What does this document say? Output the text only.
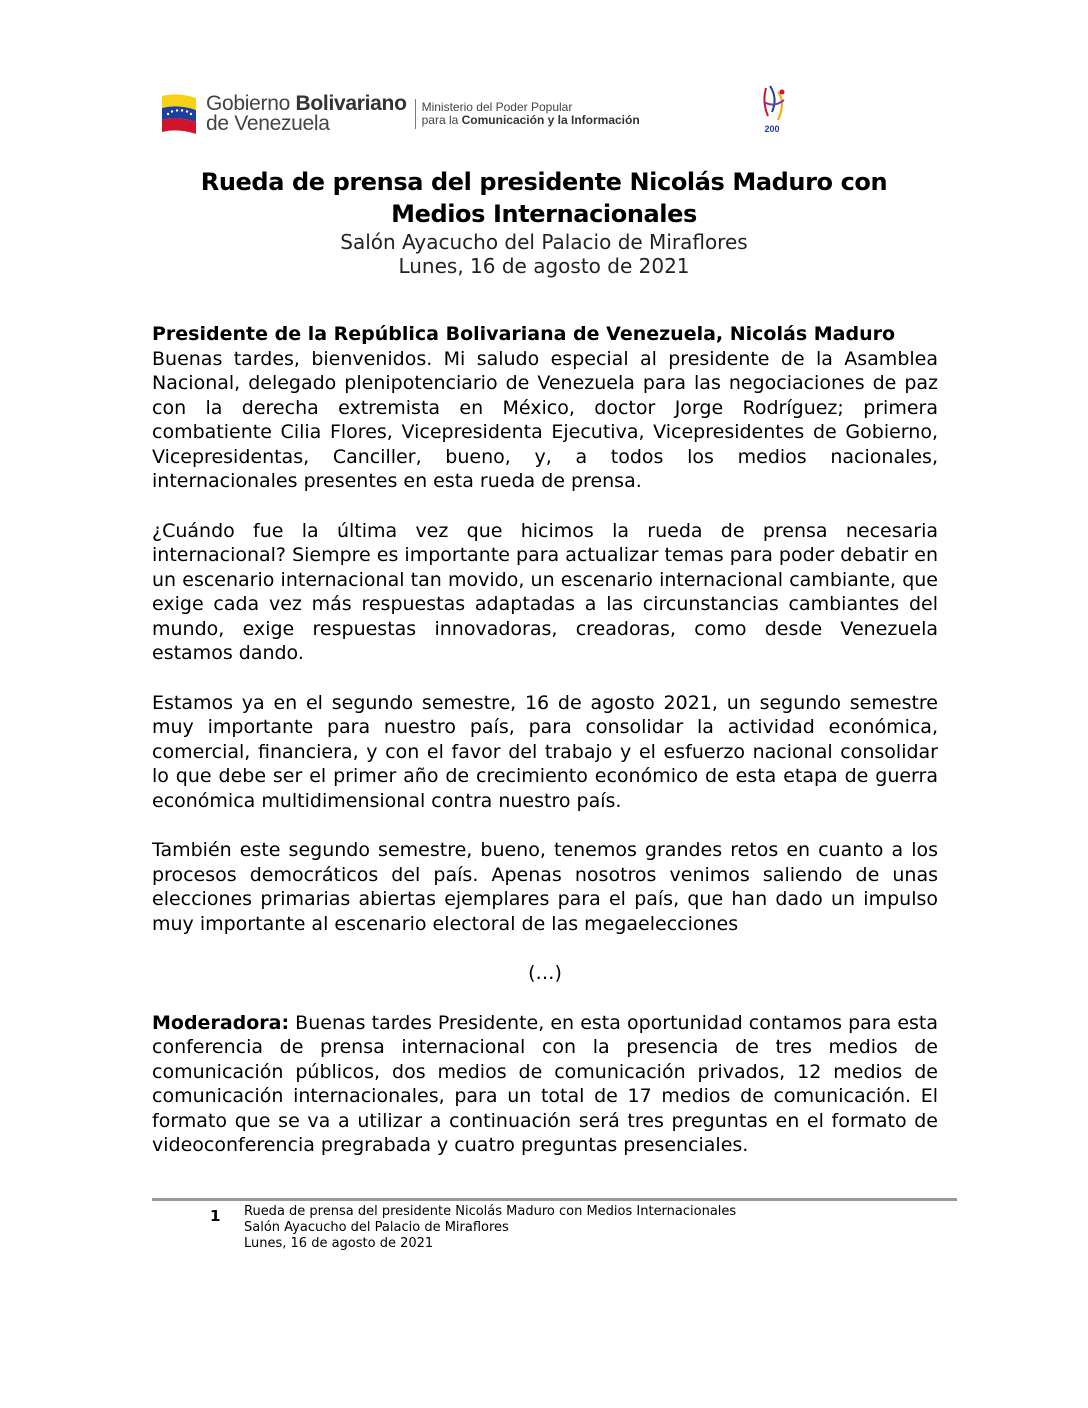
Gobierno Bolivariano
de Venezuela
Ministerio del Poder Popular
para la Comunicación y la Información
200

Rueda de prensa del presidente Nicolás Maduro con

Medios Internacionales

Salón Ayacucho del Palacio de Miraflores

Lunes, 16 de agosto de 2021

Presidente de la República Bolivariana de Venezuela, Nicolás Maduro
Buenas tardes, bienvenidos. Mi saludo especial al presidente de la Asamblea Nacional, delegado plenipotenciario de Venezuela para las negociaciones de paz con la derecha extremista en México, doctor Jorge Rodríguez; primera combatiente Cilia Flores, Vicepresidenta Ejecutiva, Vicepresidentes de Gobierno, Vicepresidentas, Canciller, bueno, y, a todos los medios nacionales, internacionales presentes en esta rueda de prensa.

¿Cuándo fue la última vez que hicimos la rueda de prensa necesaria internacional? Siempre es importante para actualizar temas para poder debatir en un escenario internacional tan movido, un escenario internacional cambiante, que exige cada vez más respuestas adaptadas a las circunstancias cambiantes del mundo, exige respuestas innovadoras, creadoras, como desde Venezuela estamos dando.

Estamos ya en el segundo semestre, 16 de agosto 2021, un segundo semestre muy importante para nuestro país, para consolidar la actividad económica, comercial, financiera, y con el favor del trabajo y el esfuerzo nacional consolidar lo que debe ser el primer año de crecimiento económico de esta etapa de guerra económica multidimensional contra nuestro país.

También este segundo semestre, bueno, tenemos grandes retos en cuanto a los procesos democráticos del país. Apenas nosotros venimos saliendo de unas elecciones primarias abiertas ejemplares para el país, que han dado un impulso muy importante al escenario electoral de las megaelecciones

(…)

Moderadora: Buenas tardes Presidente, en esta oportunidad contamos para esta conferencia de prensa internacional con la presencia de tres medios de comunicación públicos, dos medios de comunicación privados, 12 medios de comunicación internacionales, para un total de 17 medios de comunicación. El formato que se va a utilizar a continuación será tres preguntas en el formato de videoconferencia pregrabada y cuatro preguntas presenciales.

1 Rueda de prensa del presidente Nicolás Maduro con Medios Internacionales
Salón Ayacucho del Palacio de Miraflores
Lunes, 16 de agosto de 2021
